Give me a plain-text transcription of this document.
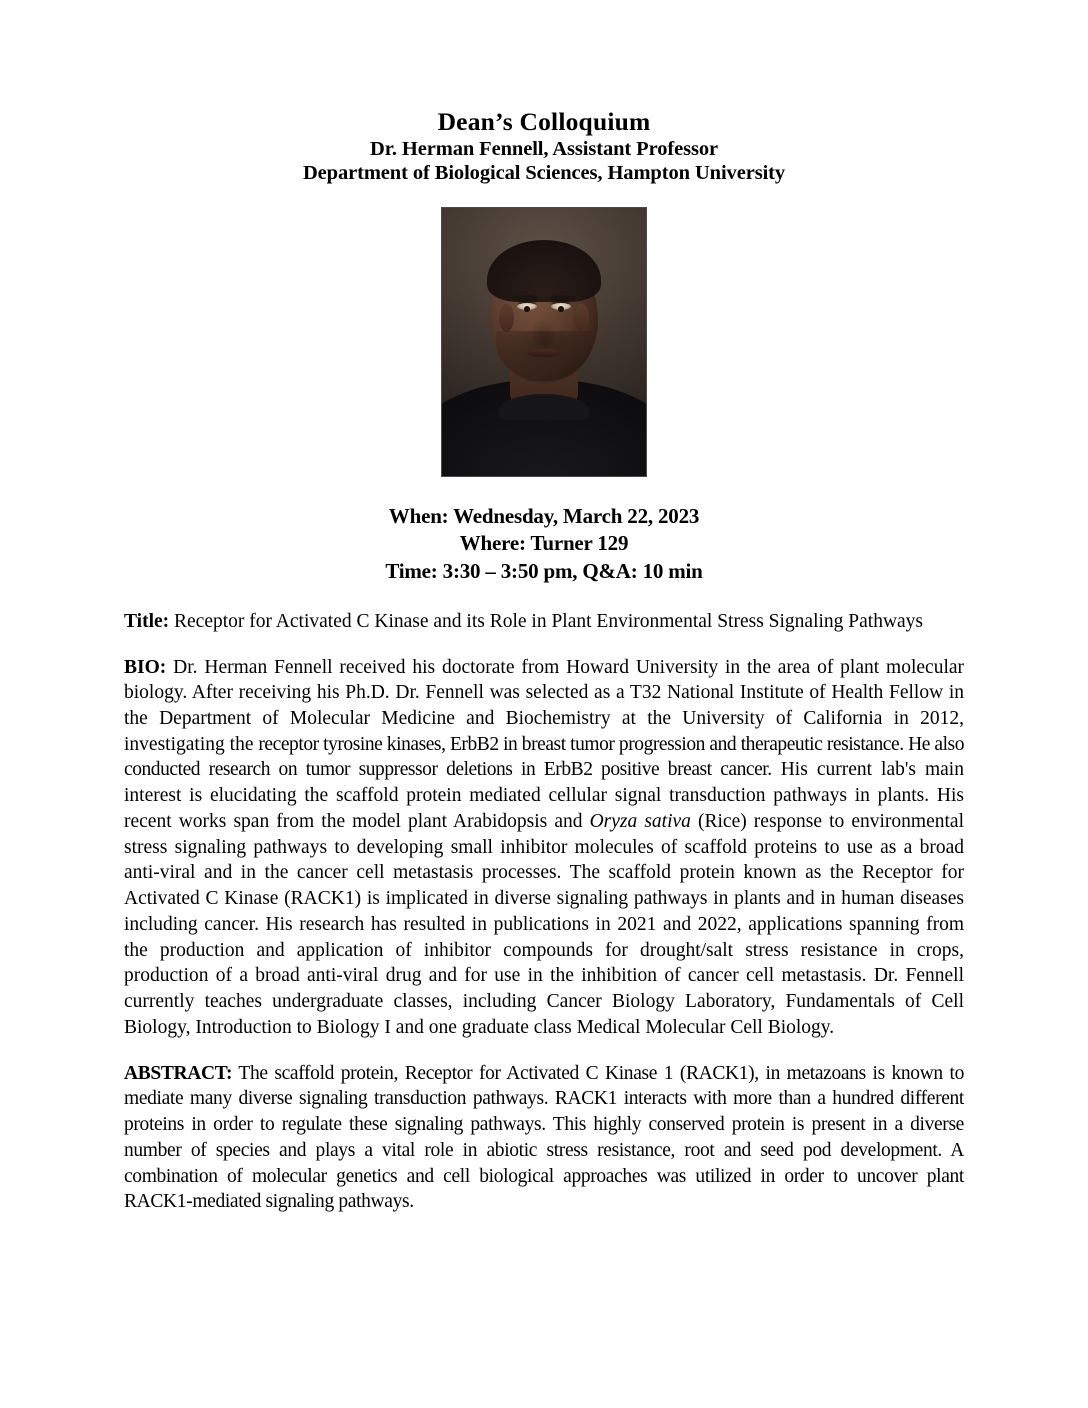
Dean’s Colloquium
Dr. Herman Fennell, Assistant Professor
Department of Biological Sciences, Hampton University
When: Wednesday, March 22, 2023
Where: Turner 129
Time: 3:30 – 3:50 pm, Q&A: 10 min

Title: Receptor for Activated C Kinase and its Role in Plant Environmental Stress Signaling Pathways

BIO: Dr. Herman Fennell received his doctorate from Howard University in the area of plant molecular biology. After receiving his Ph.D. Dr. Fennell was selected as a T32 National Institute of Health Fellow in the Department of Molecular Medicine and Biochemistry at the University of California in 2012, investigating the receptor tyrosine kinases, ErbB2 in breast tumor progression and therapeutic resistance. He also conducted research on tumor suppressor deletions in ErbB2 positive breast cancer. His current lab's main interest is elucidating the scaffold protein mediated cellular signal transduction pathways in plants. His recent works span from the model plant Arabidopsis and Oryza sativa (Rice) response to environmental stress signaling pathways to developing small inhibitor molecules of scaffold proteins to use as a broad anti-viral and in the cancer cell metastasis processes. The scaffold protein known as the Receptor for Activated C Kinase (RACK1) is implicated in diverse signaling pathways in plants and in human diseases including cancer. His research has resulted in publications in 2021 and 2022, applications spanning from the production and application of inhibitor compounds for drought/salt stress resistance in crops, production of a broad anti-viral drug and for use in the inhibition of cancer cell metastasis. Dr. Fennell currently teaches undergraduate classes, including Cancer Biology Laboratory, Fundamentals of Cell Biology, Introduction to Biology I and one graduate class Medical Molecular Cell Biology.

ABSTRACT: The scaffold protein, Receptor for Activated C Kinase 1 (RACK1), in metazoans is known to mediate many diverse signaling transduction pathways. RACK1 interacts with more than a hundred different proteins in order to regulate these signaling pathways. This highly conserved protein is present in a diverse number of species and plays a vital role in abiotic stress resistance, root and seed pod development. A combination of molecular genetics and cell biological approaches was utilized in order to uncover plant RACK1-mediated signaling pathways.
